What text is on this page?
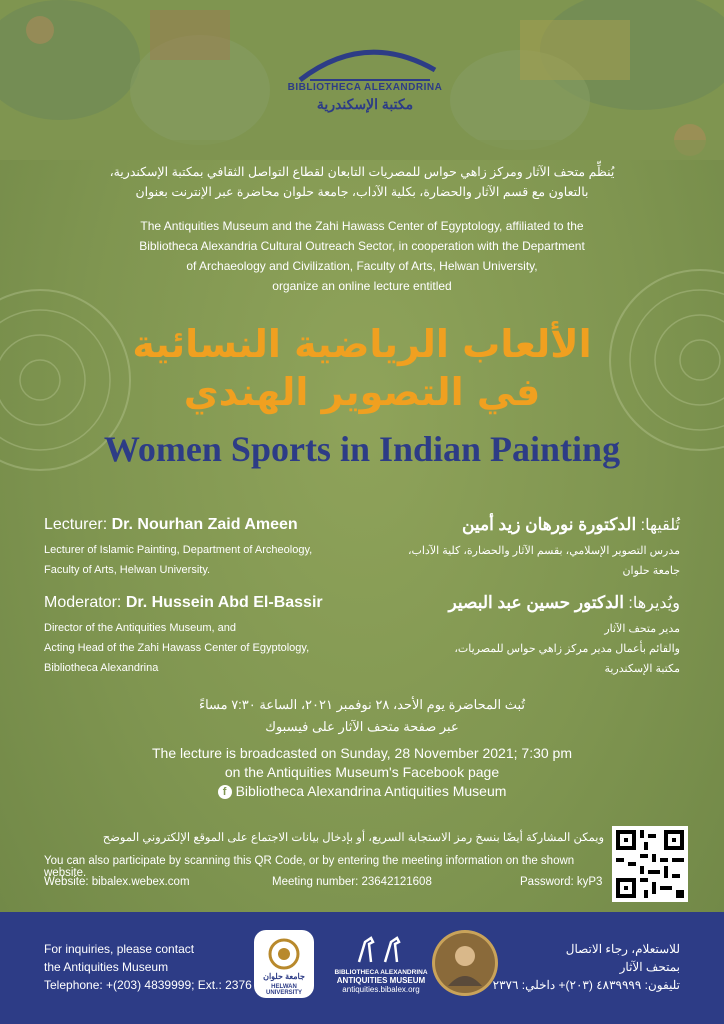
BIBLIOTHECA ALEXANDRINA
مكتبة الإسكندرية
يُنظِّم متحف الآثار ومركز زاهي حواس للمصريات التابعان لقطاع التواصل الثقافي بمكتبة الإسكندرية،
بالتعاون مع قسم الآثار والحضارة، بكلية الآداب، جامعة حلوان محاضرة عبر الإنترنت بعنوان
The Antiquities Museum and the Zahi Hawass Center of Egyptology, affiliated to the
Bibliotheca Alexandria Cultural Outreach Sector, in cooperation with the Department
of Archaeology and Civilization, Faculty of Arts, Helwan University,
organize an online lecture entitled
الألعاب الرياضية النسائية
في التصوير الهندي
Women Sports in Indian Painting
Lecturer: Dr. Nourhan Zaid Ameen
Lecturer of Islamic Painting, Department of Archeology,
Faculty of Arts, Helwan University.
تُلقيها: الدكتورة نورهان زيد أمين
مدرس التصوير الإسلامي، بقسم الآثار والحضارة، كلية الآداب،
جامعة حلوان
Moderator: Dr. Hussein Abd El-Bassir
Director of the Antiquities Museum, and
Acting Head of the Zahi Hawass Center of Egyptology,
Bibliotheca Alexandrina
ويُديرها: الدكتور حسين عبد البصير
مدير متحف الآثار
والقائم بأعمال مدير مركز زاهي حواس للمصريات،
مكتبة الإسكندرية
تُبث المحاضرة يوم الأحد، ٢٨ نوفمبر ٢٠٢١، الساعة ٧:٣٠ مساءً
عبر صفحة متحف الآثار على فيسبوك
The lecture is broadcasted on Sunday, 28 November 2021; 7:30 pm
on the Antiquities Museum's Facebook page
f Bibliotheca Alexandrina Antiquities Museum
ويمكن المشاركة أيضًا بنسخ رمز الاستجابة السريع، أو بإدخال بيانات الاجتماع على الموقع الإلكتروني الموضح
You can also participate by scanning this QR Code, or by entering the meeting information on the shown website.
Website: bibalex.webex.com	Meeting number: 23642121608	Password: kyP3
For inquiries, please contact
the Antiquities Museum
Telephone: +(203) 4839999; Ext.: 2376
جامعة حلوان
HELWAN UNIVERSITY
BIBLIOTHECA ALEXANDRINA
ANTIQUITIES MUSEUM
antiquities.bibalex.org
للاستعلام، رجاء الاتصال
بمتحف الآثار
تليفون: ٤٨٣٩٩٩٩ (٢٠٣)+ داخلي: ٢٣٧٦
